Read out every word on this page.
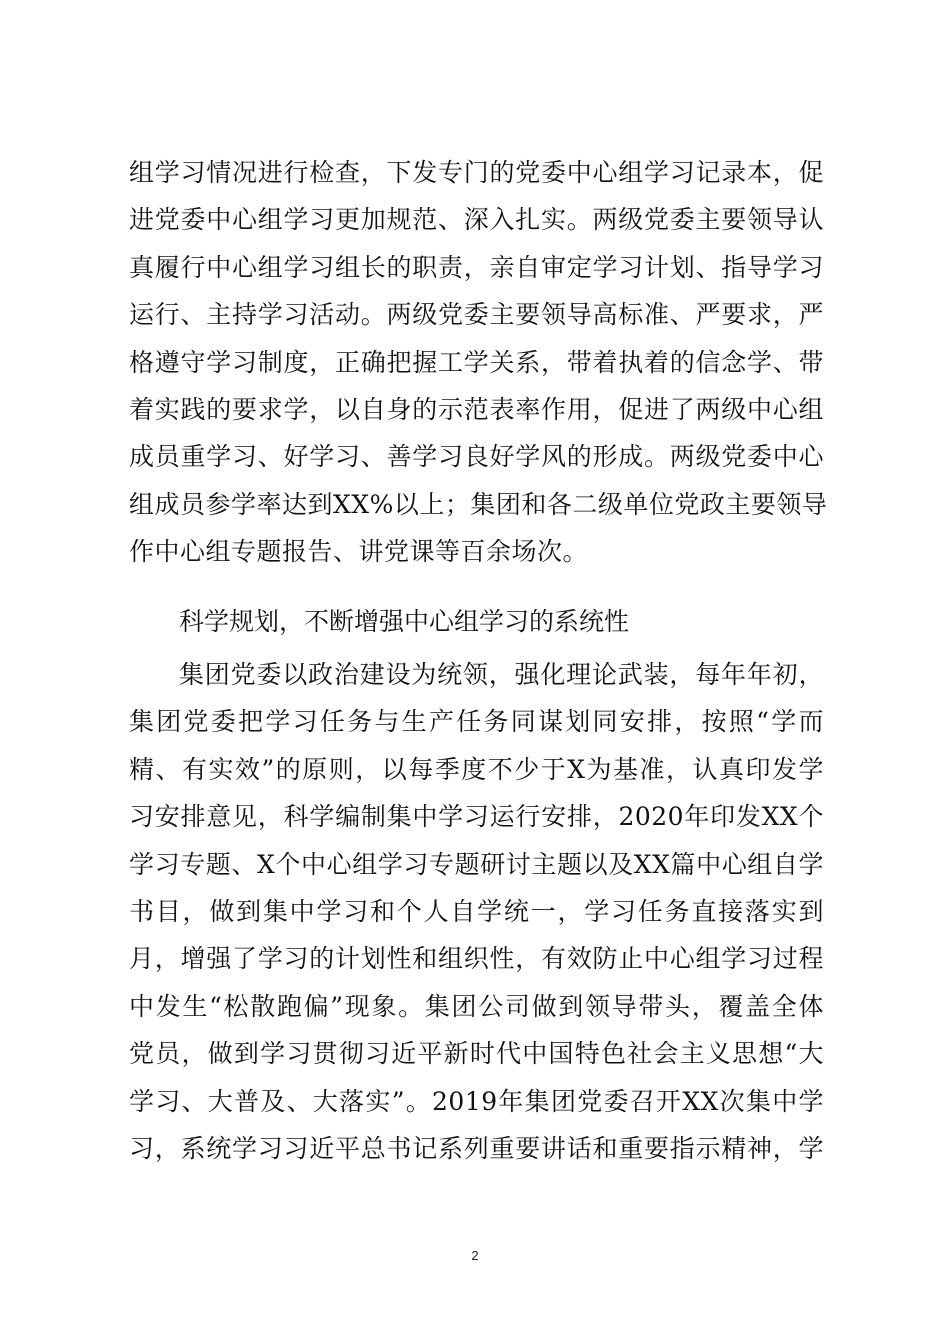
组学习情况进行检查，下发专门的党委中心组学习记录本，促
进党委中心组学习更加规范、深入扎实。两级党委主要领导认
真履行中心组学习组长的职责，亲自审定学习计划、指导学习
运行、主持学习活动。两级党委主要领导高标准、严要求，严
格遵守学习制度，正确把握工学关系，带着执着的信念学、带
着实践的要求学，以自身的示范表率作用，促进了两级中心组
成员重学习、好学习、善学习良好学风的形成。两级党委中心
组成员参学率达到XX%以上；集团和各二级单位党政主要领导
作中心组专题报告、讲党课等百余场次。
科学规划，不断增强中心组学习的系统性
集团党委以政治建设为统领，强化理论武装，每年年初，
集团党委把学习任务与生产任务同谋划同安排，按照“学而
精、有实效”的原则，以每季度不少于X为基准，认真印发学
习安排意见，科学编制集中学习运行安排，2020年印发XX个
学习专题、X个中心组学习专题研讨主题以及XX篇中心组自学
书目，做到集中学习和个人自学统一，学习任务直接落实到
月，增强了学习的计划性和组织性，有效防止中心组学习过程
中发生“松散跑偏”现象。集团公司做到领导带头，覆盖全体
党员，做到学习贯彻习近平新时代中国特色社会主义思想“大
学习、大普及、大落实”。2019年集团党委召开XX次集中学
习，系统学习习近平总书记系列重要讲话和重要指示精神，学
2
